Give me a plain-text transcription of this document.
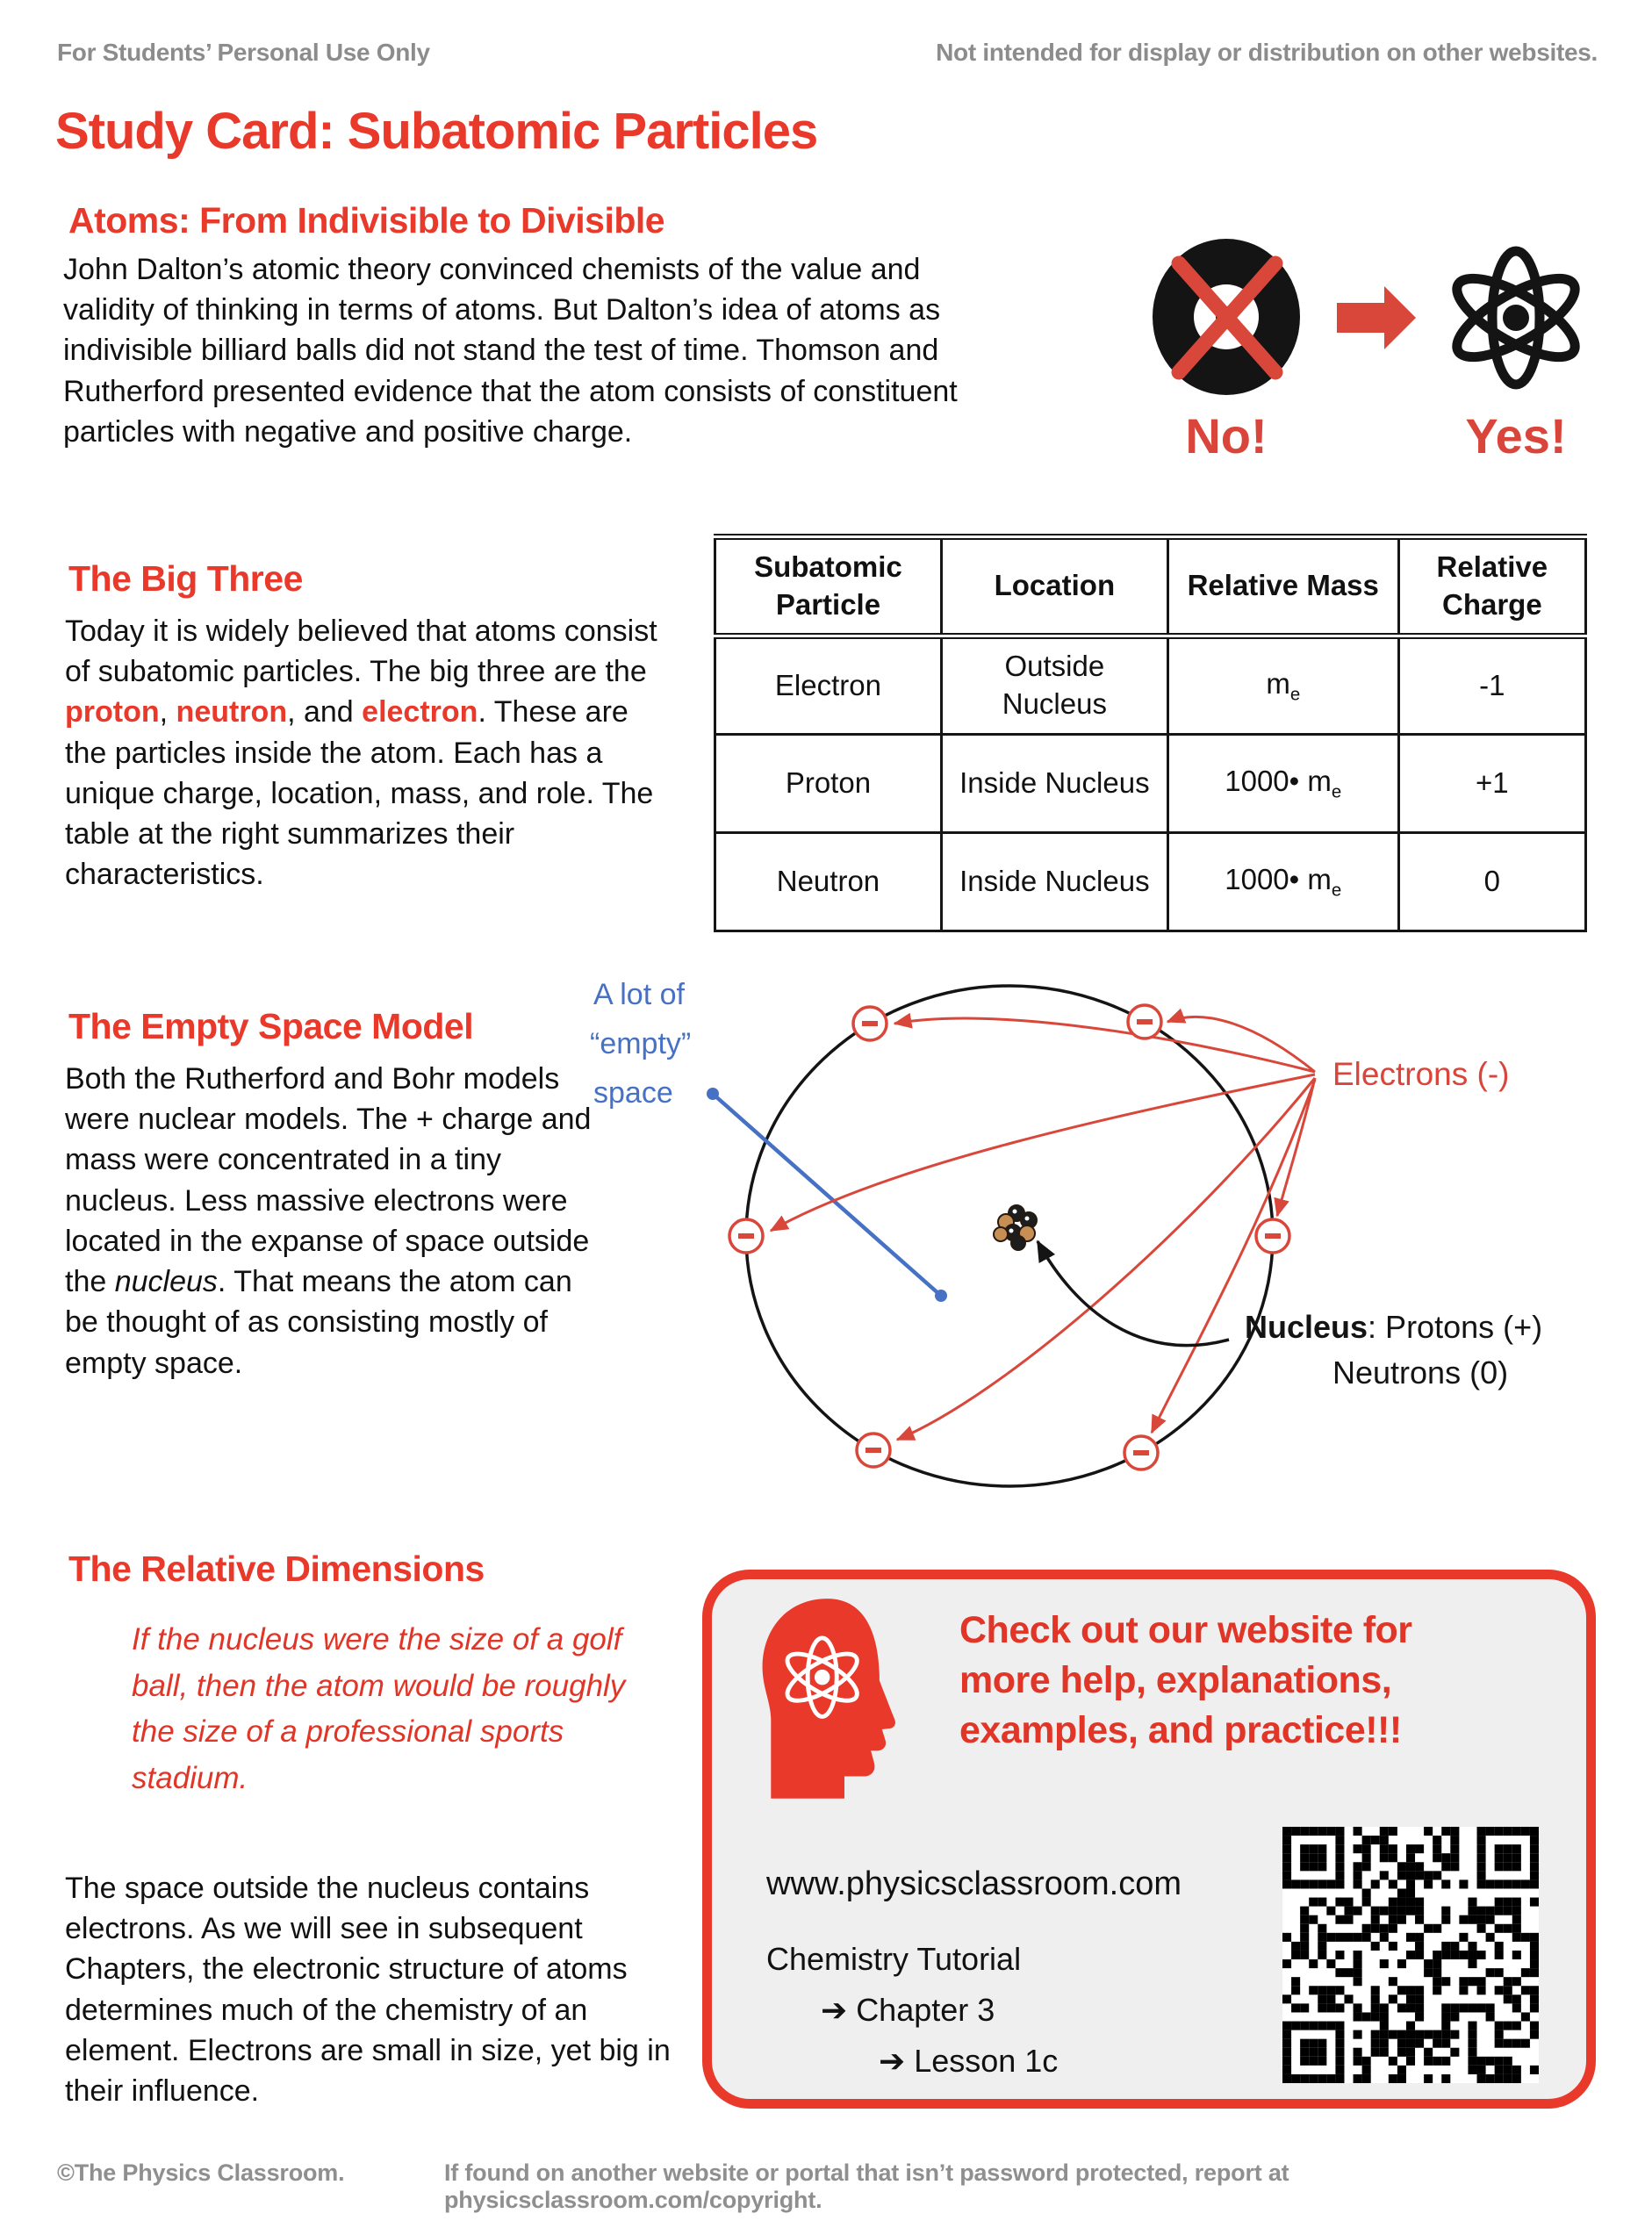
For Students’ Personal Use Only	Not intended for display or distribution on other websites.
Study Card: Subatomic Particles
Atoms: From Indivisible to Divisible

John Dalton’s atomic theory convinced chemists of the value and validity of thinking in terms of atoms. But Dalton’s idea of atoms as indivisible billiard balls did not stand the test of time. Thomson and Rutherford presented evidence that the atom consists of constituent particles with negative and positive charge.	No!	Yes!
The Big Three

Today it is widely believed that atoms consist of subatomic particles. The big three are the proton, neutron, and electron. These are the particles inside the atom. Each has a unique charge, location, mass, and role. The table at the right summarizes their characteristics.

Subatomic Particle	Location	Relative Mass	Relative Charge
Electron	Outside Nucleus	$m_e$	-1
Proton	Inside Nucleus	1000• $m_e$	+1
Neutron	Inside Nucleus	1000• $m_e$	0
The Empty Space Model

Both the Rutherford and Bohr models were nuclear models. The + charge and mass were concentrated in a tiny nucleus. Less massive electrons were located in the expanse of space outside the nucleus. That means the atom can be thought of as consisting mostly of empty space.

A lot of
“empty”
space
Electrons (-)
Nucleus: Protons (+)
Neutrons (0)
The Relative Dimensions

If the nucleus were the size of a golf ball, then the atom would be roughly the size of a professional sports stadium.

The space outside the nucleus contains electrons. As we will see in subsequent Chapters, the electronic structure of atoms determines much of the chemistry of an element. Electrons are small in size, yet big in their influence.

Check out our website for more help, explanations, examples, and practice!!!
www.physicsclassroom.com
Chemistry Tutorial
➔ Chapter 3
➔ Lesson 1c
©The Physics Classroom.	If found on another website or portal that isn’t password protected, report at physicsclassroom.com/copyright.
